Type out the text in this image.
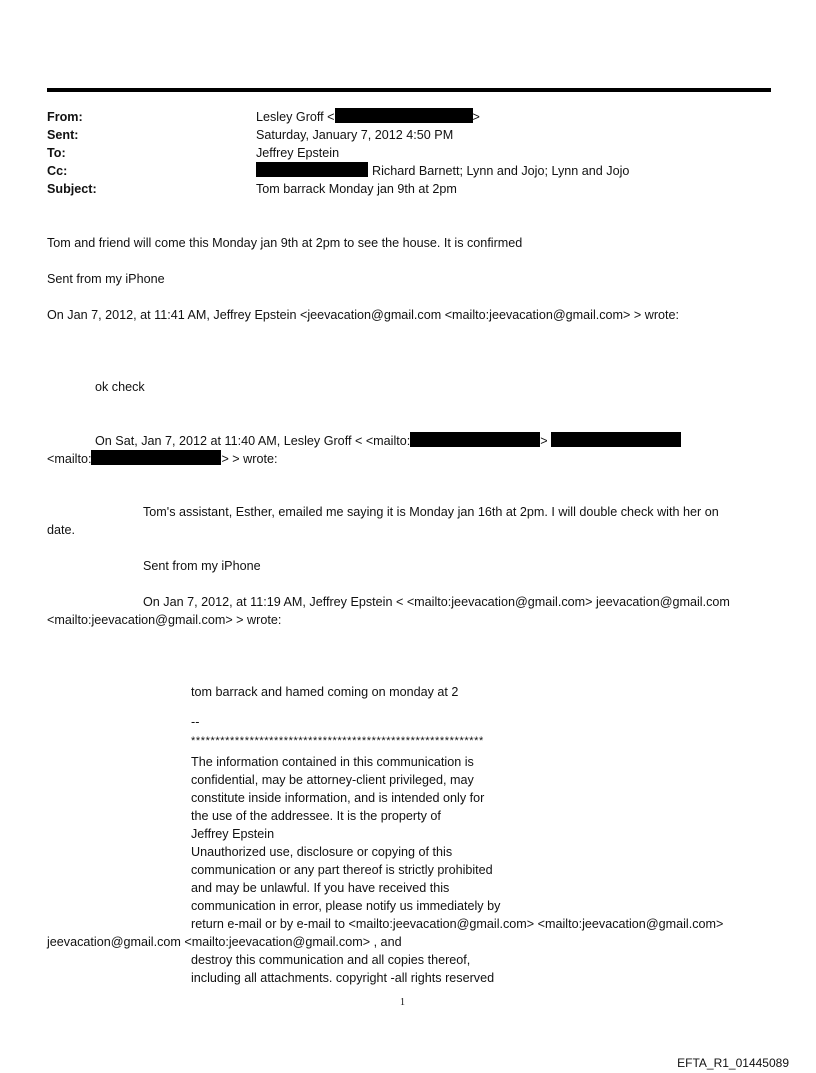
From:	Lesley Groff <	>
Sent:	Saturday, January 7, 2012 4:50 PM
To:	Jeffrey Epstein
Cc:	Richard Barnett; Lynn and Jojo; Lynn and Jojo
Subject:	Tom barrack Monday jan 9th at 2pm
Tom and friend will come this Monday jan 9th at 2pm to see the house. It is confirmed
Sent from my iPhone
On Jan 7, 2012, at 11:41 AM, Jeffrey Epstein <jeevacation@gmail.com <mailto:jeevacation@gmail.com> > wrote:
ok check
On Sat, Jan 7, 2012 at 11:40 AM, Lesley Groff < <mailto:	>
<mailto:	> > wrote:
Tom's assistant, Esther, emailed me saying it is Monday jan 16th at 2pm. I will double check with her on
date.
Sent from my iPhone
On Jan 7, 2012, at 11:19 AM, Jeffrey Epstein < <mailto:jeevacation@gmail.com> jeevacation@gmail.com
<mailto:jeevacation@gmail.com> > wrote:
tom barrack and hamed coming on monday at 2
--
************************************************************
The information contained in this communication is
confidential, may be attorney-client privileged, may
constitute inside information, and is intended only for
the use of the addressee. It is the property of
Jeffrey Epstein
Unauthorized use, disclosure or copying of this
communication or any part thereof is strictly prohibited
and may be unlawful. If you have received this
communication in error, please notify us immediately by
return e-mail or by e-mail to <mailto:jeevacation@gmail.com> <mailto:jeevacation@gmail.com>
jeevacation@gmail.com <mailto:jeevacation@gmail.com> , and
destroy this communication and all copies thereof,
including all attachments. copyright -all rights reserved
1
EFTA_R1_01445089
